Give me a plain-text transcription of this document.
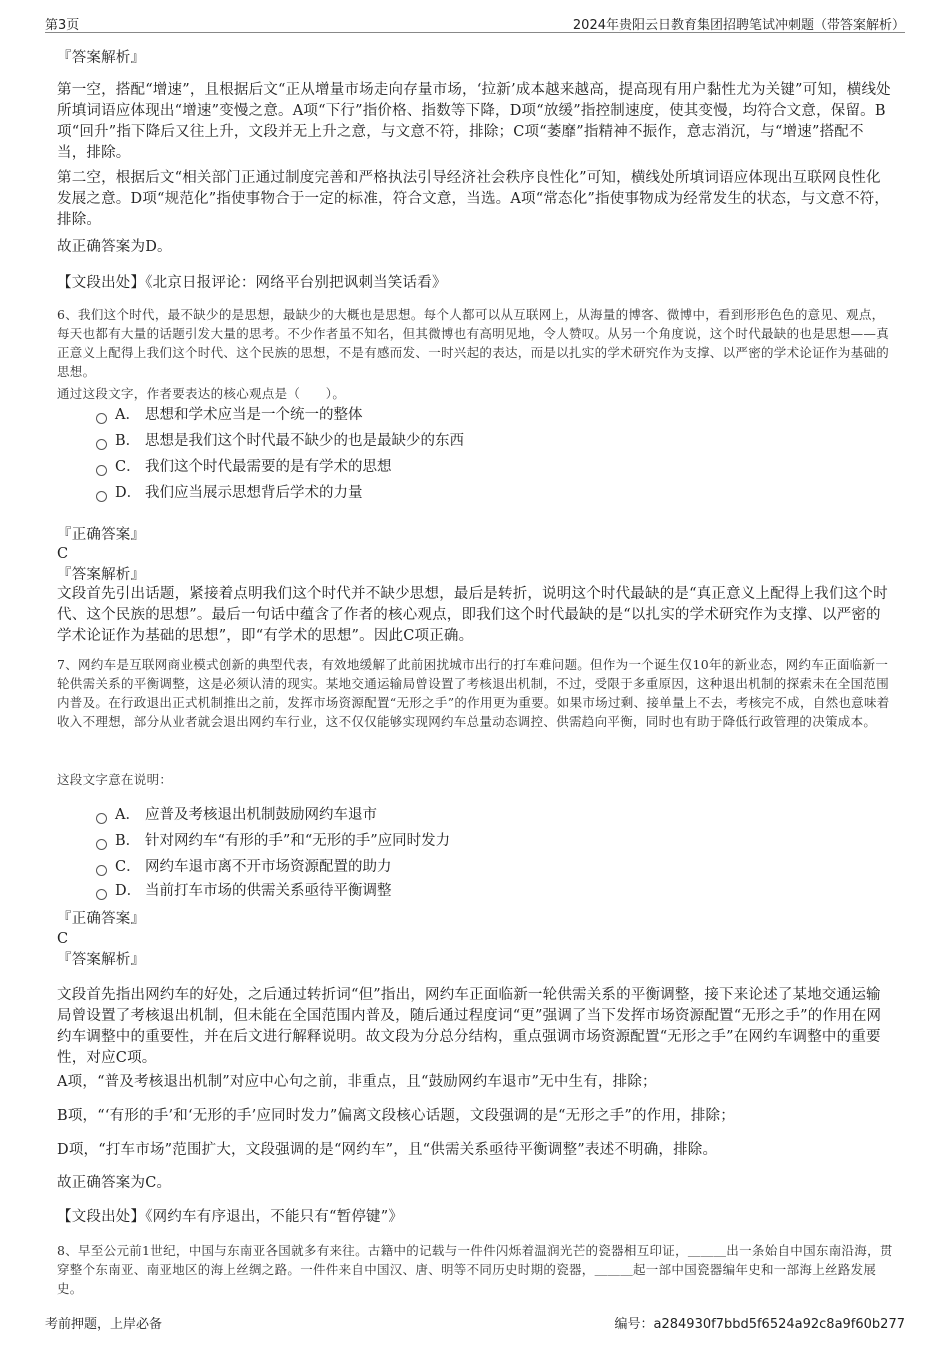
第3页	2024年贵阳云日教育集团招聘笔试冲刺题（带答案解析）
『答案解析』
第一空，搭配“增速”，且根据后文“正从增量市场走向存量市场，‘拉新’成本越来越高，提高现有用户黏性尤为关键”可知，横线处所填词语应体现出“增速”变慢之意。A项“下行”指价格、指数等下降，D项“放缓”指控制速度，使其变慢，均符合文意，保留。B项“回升”指下降后又往上升，文段并无上升之意，与文意不符，排除；C项“萎靡”指精神不振作，意志消沉，与“增速”搭配不当，排除。
第二空，根据后文“相关部门正通过制度完善和严格执法引导经济社会秩序良性化”可知，横线处所填词语应体现出互联网良性化发展之意。D项“规范化”指使事物合于一定的标准，符合文意，当选。A项“常态化”指使事物成为经常发生的状态，与文意不符，排除。
故正确答案为D。
【文段出处】《北京日报评论：网络平台别把讽刺当笑话看》
6、我们这个时代，最不缺少的是思想，最缺少的大概也是思想。每个人都可以从互联网上，从海量的博客、微博中，看到形形色色的意见、观点，每天也都有大量的话题引发大量的思考。不少作者虽不知名，但其微博也有高明见地，令人赞叹。从另一个角度说，这个时代最缺的也是思想——真正意义上配得上我们这个时代、这个民族的思想，不是有感而发、一时兴起的表达，而是以扎实的学术研究作为支撑、以严密的学术论证作为基础的思想。
通过这段文字，作者要表达的核心观点是（　　）。
A． 思想和学术应当是一个统一的整体
B． 思想是我们这个时代最不缺少的也是最缺少的东西
C． 我们这个时代最需要的是有学术的思想
D． 我们应当展示思想背后学术的力量
『正确答案』
C
『答案解析』
文段首先引出话题，紧接着点明我们这个时代并不缺少思想，最后是转折，说明这个时代最缺的是“真正意义上配得上我们这个时代、这个民族的思想”。最后一句话中蕴含了作者的核心观点，即我们这个时代最缺的是“以扎实的学术研究作为支撑、以严密的学术论证作为基础的思想”，即“有学术的思想”。因此C项正确。
7、网约车是互联网商业模式创新的典型代表，有效地缓解了此前困扰城市出行的打车难问题。但作为一个诞生仅10年的新业态，网约车正面临新一轮供需关系的平衡调整，这是必须认清的现实。某地交通运输局曾设置了考核退出机制，不过，受限于多重原因，这种退出机制的探索未在全国范围内普及。在行政退出正式机制推出之前，发挥市场资源配置“无形之手”的作用更为重要。如果市场过剩、接单量上不去，考核完不成，自然也意味着收入不理想，部分从业者就会退出网约车行业，这不仅仅能够实现网约车总量动态调控、供需趋向平衡，同时也有助于降低行政管理的决策成本。
这段文字意在说明：
A． 应普及考核退出机制鼓励网约车退市
B． 针对网约车“有形的手”和“无形的手”应同时发力
C． 网约车退市离不开市场资源配置的助力
D． 当前打车市场的供需关系亟待平衡调整
『正确答案』
C
『答案解析』
文段首先指出网约车的好处，之后通过转折词“但”指出，网约车正面临新一轮供需关系的平衡调整，接下来论述了某地交通运输局曾设置了考核退出机制，但未能在全国范围内普及，随后通过程度词“更”强调了当下发挥市场资源配置“无形之手”的作用在网约车调整中的重要性，并在后文进行解释说明。故文段为分总分结构，重点强调市场资源配置“无形之手”在网约车调整中的重要性，对应C项。
A项，“普及考核退出机制”对应中心句之前，非重点，且“鼓励网约车退市”无中生有，排除；
B项，“‘有形的手’和‘无形的手’应同时发力”偏离文段核心话题，文段强调的是“无形之手”的作用，排除；
D项，“打车市场”范围扩大，文段强调的是“网约车”，且“供需关系亟待平衡调整”表述不明确，排除。
故正确答案为C。
【文段出处】《网约车有序退出，不能只有“暂停键”》
8、早至公元前1世纪，中国与东南亚各国就多有来往。古籍中的记载与一件件闪烁着温润光芒的瓷器相互印证，＿＿＿出一条始自中国东南沿海，贯穿整个东南亚、南亚地区的海上丝绸之路。一件件来自中国汉、唐、明等不同历史时期的瓷器，＿＿＿起一部中国瓷器编年史和一部海上丝路发展史。
考前押题，上岸必备	编号：a284930f7bbd5f6524a92c8a9f60b277
